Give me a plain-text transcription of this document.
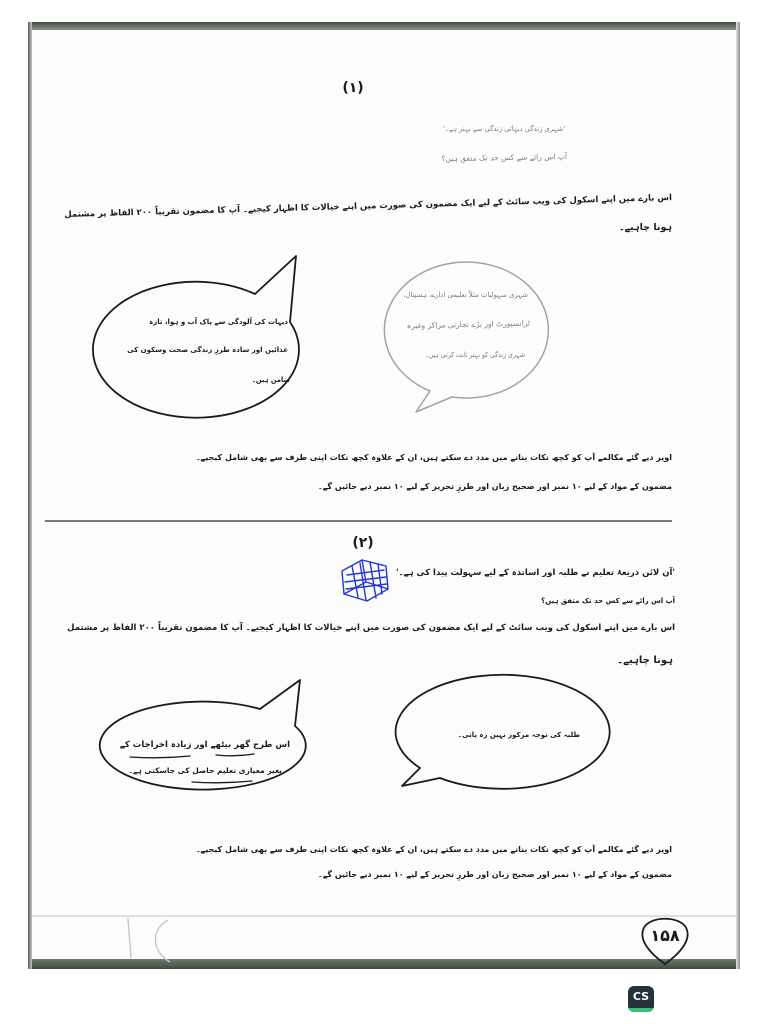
(۱)
'شہری زندگی دیہاتی زندگی سے بہتر ہے۔'
آپ اس رائے سے کس حد تک متفق ہیں؟
اس بارے میں اپنے اسکول کی ویب سائٹ کے لیے ایک مضمون کی صورت میں اپنے خیالات کا اظہار کیجیے۔ آپ کا مضمون تقریباً ۲۰۰ الفاظ پر مشتمل
ہونا چاہیے۔
دیہات کی آلودگی سے پاک آب و ہوا، تازہ
غذائیں اور سادہ طرزِ زندگی صحت وسکون کی
ضامن ہیں۔
شہری سہولیات مثلاً تعلیمی ادارے، ہسپتال،
ٹرانسپورٹ اور بڑے تجارتی مراکز وغیرہ
شہری زندگی کو بہتر ثابت کرتی ہیں۔
اوپر دیے گئے مکالمے آپ کو کچھ نکات بنانے میں مدد دے سکتے ہیں، ان کے علاوہ کچھ نکات اپنی طرف سے بھی شامل کیجیے۔
مضمون کے مواد کے لیے ۱۰ نمبر اور صحیح زبان اور طرزِ تحریر کے لیے ۱۰ نمبر دیے جائیں گے۔
(۲)
'آن لائن ذریعۂ تعلیم نے طلبہ اور اساتذہ کے لیے سہولت پیدا کی ہے۔'
آپ اس رائے سے کس حد تک متفق ہیں؟
اس بارے میں اپنے اسکول کی ویب سائٹ کے لیے ایک مضمون کی صورت میں اپنے خیالات کا اظہار کیجیے۔ آپ کا مضمون تقریباً ۲۰۰ الفاظ پر مشتمل
ہونا چاہیے۔
اس طرح گھر بیٹھے اور زیادہ اخراجات کے
بغیر معیاری تعلیم حاصل کی جاسکتی ہے۔
طلبہ کی توجہ مرکوز نہیں رہ پاتی۔
اوپر دیے گئے مکالمے آپ کو کچھ نکات بنانے میں مدد دے سکتے ہیں، ان کے علاوہ کچھ نکات اپنی طرف سے بھی شامل کیجیے۔
مضمون کے مواد کے لیے ۱۰ نمبر اور صحیح زبان اور طرزِ تحریر کے لیے ۱۰ نمبر دیے جائیں گے۔
۱۵۸
CS
